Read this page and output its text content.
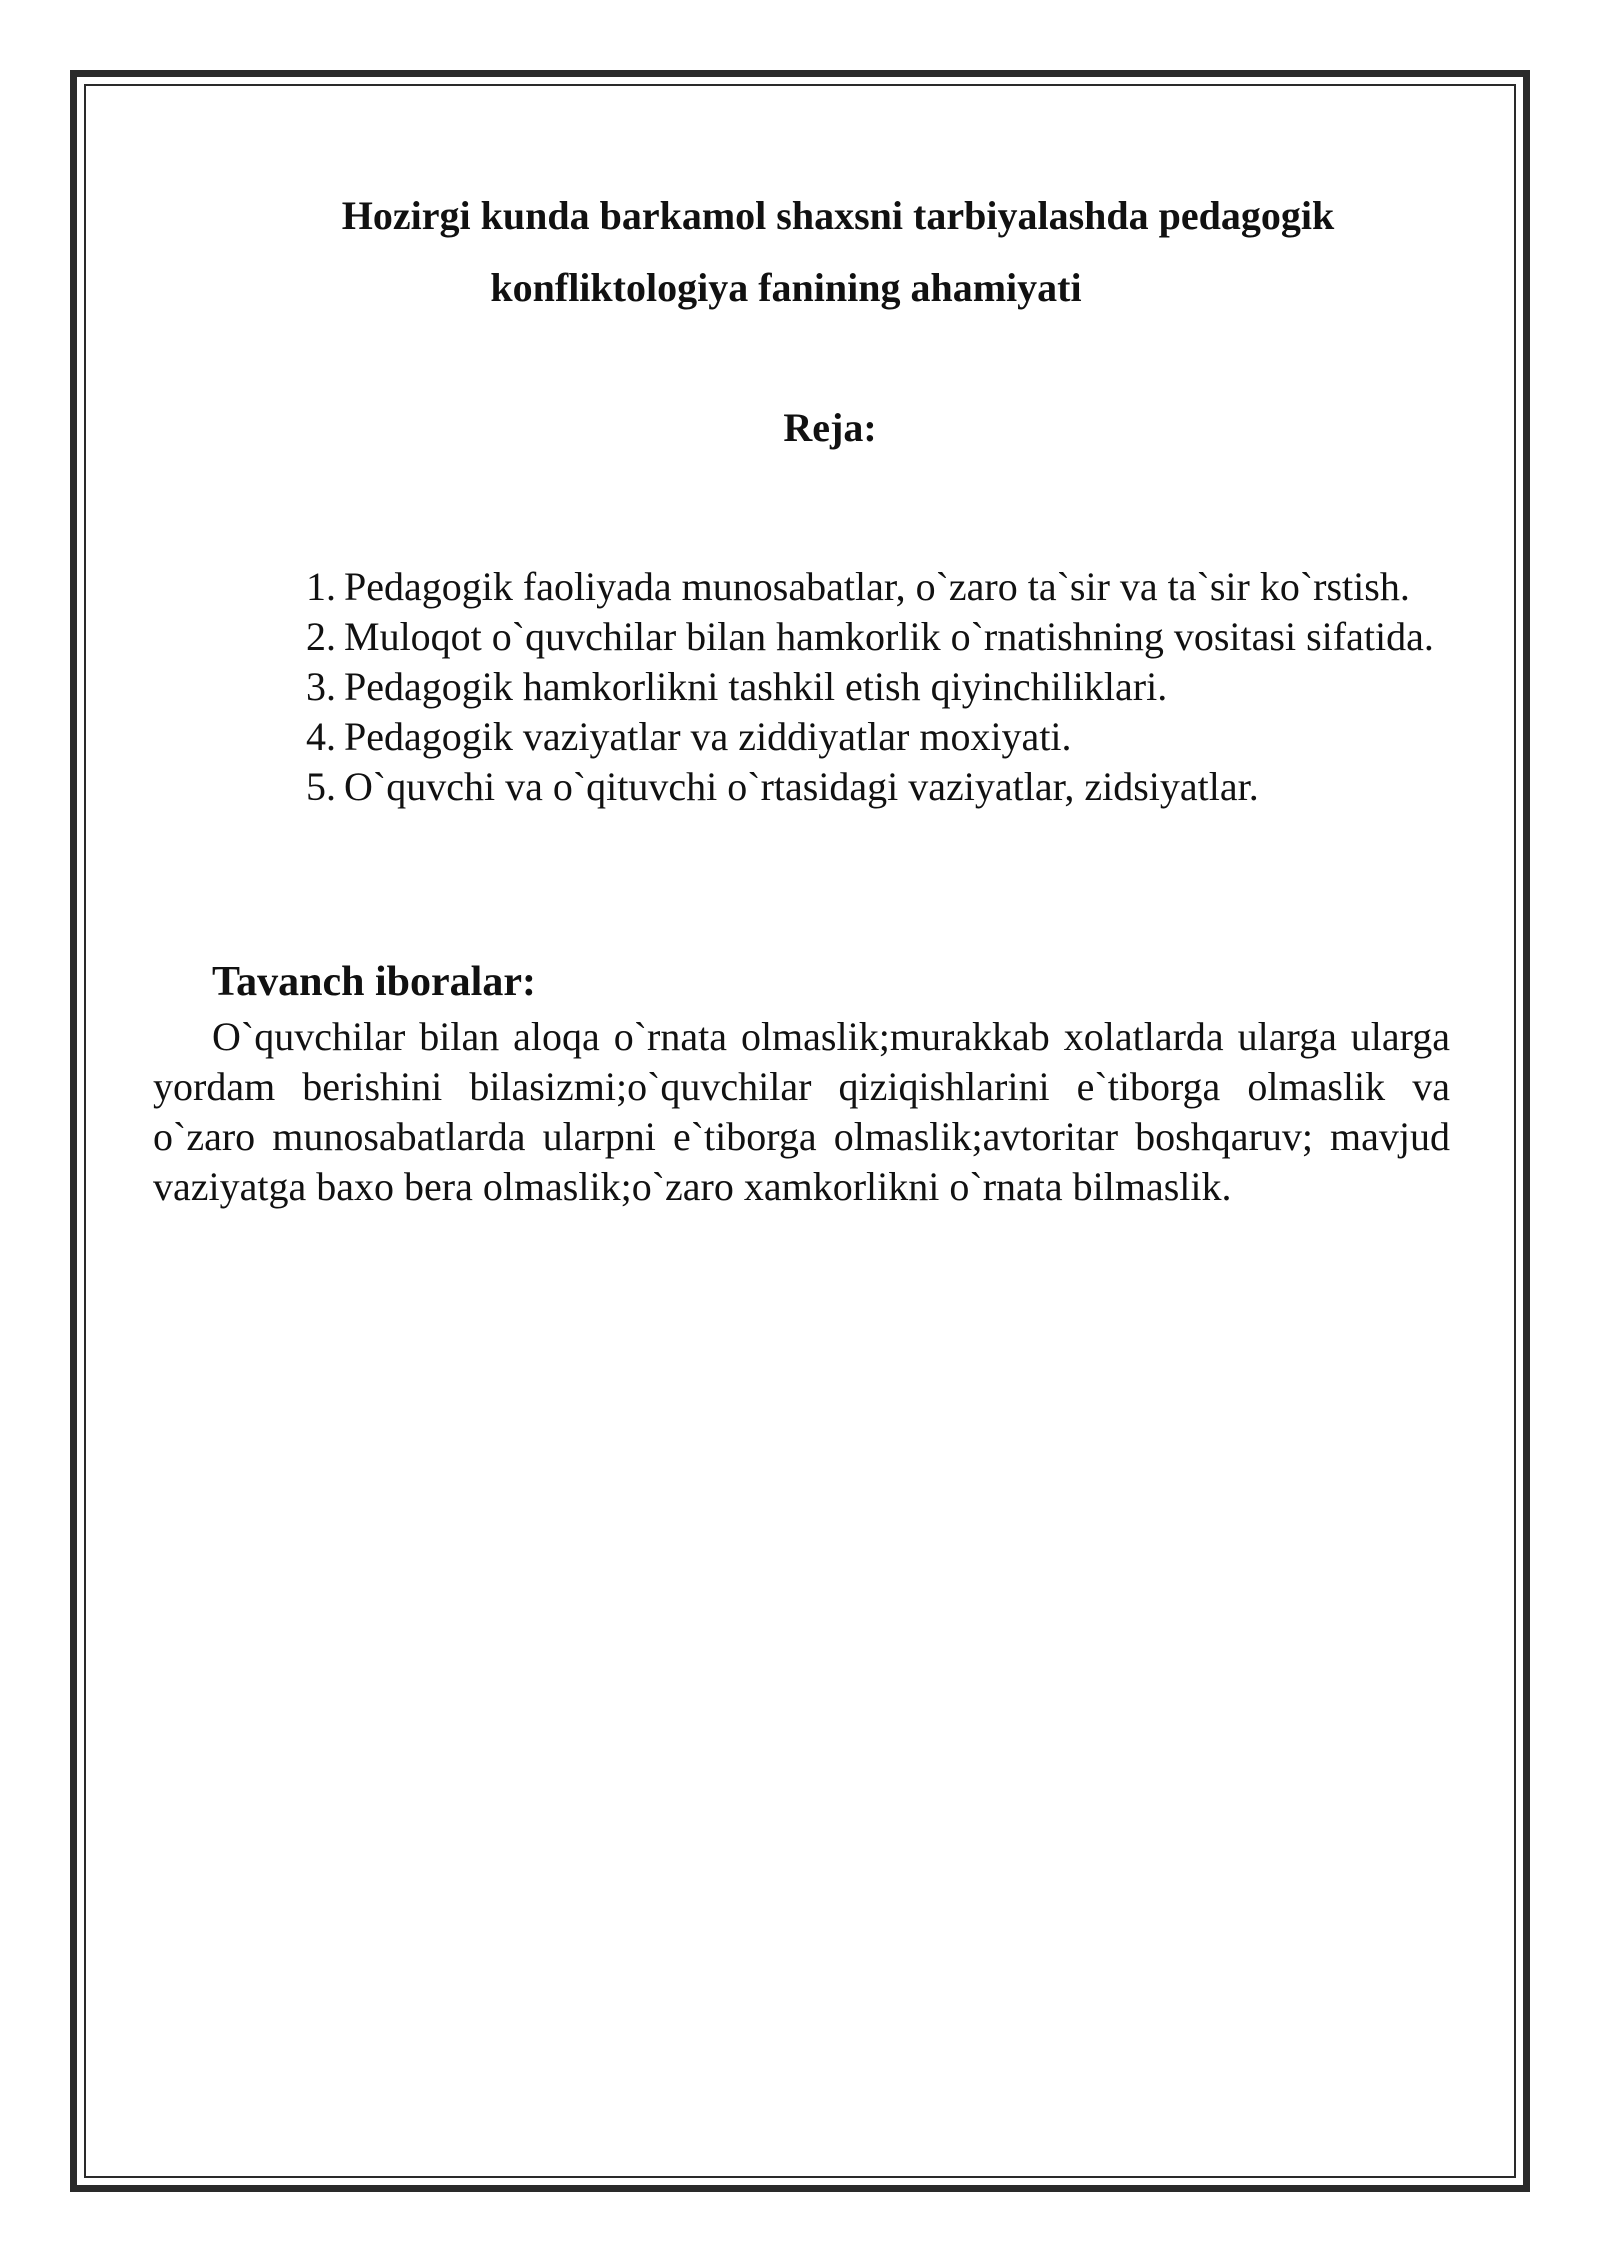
Hozirgi kunda barkamol shaxsni tarbiyalashda pedagogik
konfliktologiya fanining ahamiyati
Reja:
1. Pedagogik faoliyada munosabatlar, o`zaro ta`sir va ta`sir ko`rstish.
2. Muloqot o`quvchilar bilan hamkorlik o`rnatishning vositasi sifatida.
3. Pedagogik hamkorlikni tashkil etish qiyinchiliklari.
4. Pedagogik vaziyatlar va ziddiyatlar moxiyati.
5. O`quvchi va o`qituvchi o`rtasidagi vaziyatlar, zidsiyatlar.
Tavanch iboralar:

O`quvchilar bilan aloqa o`rnata olmaslik;murakkab xolatlarda ularga ularga yordam berishini bilasizmi;o`quvchilar qiziqishlarini e`tiborga olmaslik va o`zaro munosabatlarda ularpni e`tiborga olmaslik;avtoritar boshqaruv; mavjud vaziyatga baxo bera olmaslik;o`zaro xamkorlikni o`rnata bilmaslik.
